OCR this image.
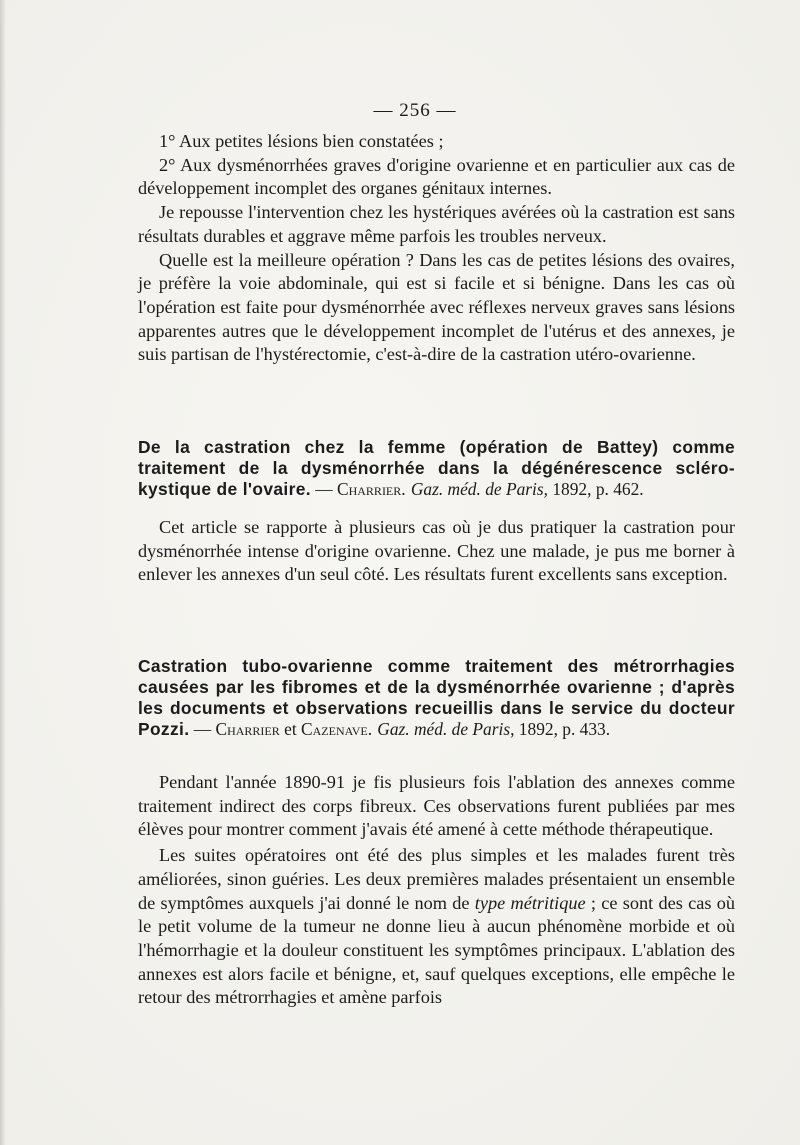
— 256 —

1° Aux petites lésions bien constatées ;

2° Aux dysménorrhées graves d'origine ovarienne et en particulier aux cas de développement incomplet des organes génitaux internes.

Je repousse l'intervention chez les hystériques avérées où la castration est sans résultats durables et aggrave même parfois les troubles nerveux.

Quelle est la meilleure opération ? Dans les cas de petites lésions des ovaires, je préfère la voie abdominale, qui est si facile et si bénigne. Dans les cas où l'opération est faite pour dysménorrhée avec réflexes nerveux graves sans lésions apparentes autres que le développement incomplet de l'utérus et des annexes, je suis partisan de l'hystérectomie, c'est-à-dire de la castration utéro-ovarienne.

De la castration chez la femme (opération de Battey) comme traitement de la dysménorrhée dans la dégénérescence scléro-kystique de l'ovaire. — Charrier. Gaz. méd. de Paris, 1892, p. 462.

Cet article se rapporte à plusieurs cas où je dus pratiquer la castration pour dysménorrhée intense d'origine ovarienne. Chez une malade, je pus me borner à enlever les annexes d'un seul côté. Les résultats furent excellents sans exception.

Castration tubo-ovarienne comme traitement des métrorrhagies causées par les fibromes et de la dysménorrhée ovarienne ; d'après les documents et observations recueillis dans le service du docteur Pozzi. — Charrier et Cazenave. Gaz. méd. de Paris, 1892, p. 433.

Pendant l'année 1890-91 je fis plusieurs fois l'ablation des annexes comme traitement indirect des corps fibreux. Ces observations furent publiées par mes élèves pour montrer comment j'avais été amené à cette méthode thérapeutique.

Les suites opératoires ont été des plus simples et les malades furent très améliorées, sinon guéries. Les deux premières malades présentaient un ensemble de symptômes auxquels j'ai donné le nom de type métritique ; ce sont des cas où le petit volume de la tumeur ne donne lieu à aucun phénomène morbide et où l'hémorrhagie et la douleur constituent les symptômes principaux. L'ablation des annexes est alors facile et bénigne, et, sauf quelques exceptions, elle empêche le retour des métrorrhagies et amène parfois
